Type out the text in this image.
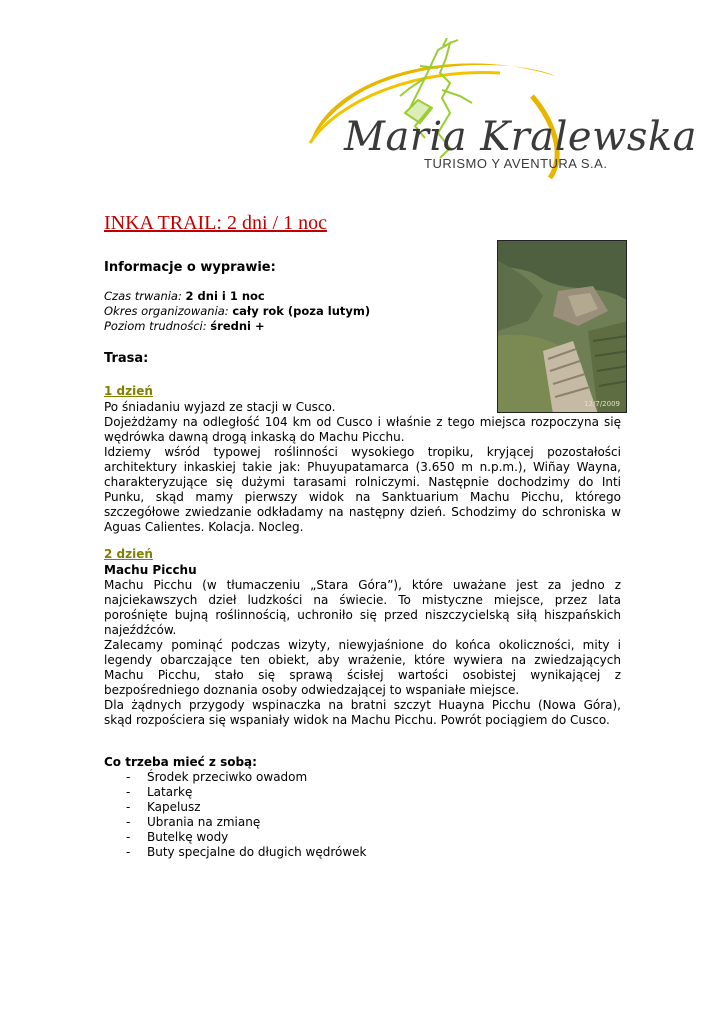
Maria Kralewska
TURISMO Y AVENTURA S.A.
INKA TRAIL: 2 dni / 1 noc
12/7/2009
Informacje o wyprawie:
Czas trwania: 2 dni i 1 noc
Okres organizowania: cały rok (poza lutym)
Poziom trudności: średni +
Trasa:
1 dzień
Po śniadaniu wyjazd ze stacji w Cusco.
Dojeżdżamy na odległość 104 km od Cusco i właśnie z tego miejsca rozpoczyna się
wędrówka dawną drogą inkaską do Machu Picchu.
Idziemy wśród typowej roślinności wysokiego tropiku, kryjącej pozostałości
architektury inkaskiej takie jak: Phuyupatamarca (3.650 m n.p.m.), Wiñay Wayna,
charakteryzujące się dużymi tarasami rolniczymi. Następnie dochodzimy do Inti
Punku, skąd mamy pierwszy widok na Sanktuarium Machu Picchu, którego
szczegółowe zwiedzanie odkładamy na następny dzień. Schodzimy do schroniska w
Aguas Calientes. Kolacja. Nocleg.
2 dzień
Machu Picchu
Machu Picchu (w tłumaczeniu „Stara Góra”), które uważane jest za jedno z
najciekawszych dzieł ludzkości na świecie. To mistyczne miejsce, przez lata
porośnięte bujną roślinnością, uchroniło się przed niszczycielską siłą hiszpańskich
najeźdźców.
Zalecamy pominąć podczas wizyty, niewyjaśnione do końca okoliczności, mity i
legendy obarczające ten obiekt, aby wrażenie, które wywiera na zwiedzających
Machu Picchu, stało się sprawą ścisłej wartości osobistej wynikającej z
bezpośredniego doznania osoby odwiedzającej to wspaniałe miejsce.
Dla żądnych przygody wspinaczka na bratni szczyt Huayna Picchu (Nowa Góra),
skąd rozpościera się wspaniały widok na Machu Picchu. Powrót pociągiem do Cusco.
Co trzeba mieć z sobą:
- Środek przeciwko owadom
- Latarkę
- Kapelusz
- Ubrania na zmianę
- Butelkę wody
- Buty specjalne do długich wędrówek
